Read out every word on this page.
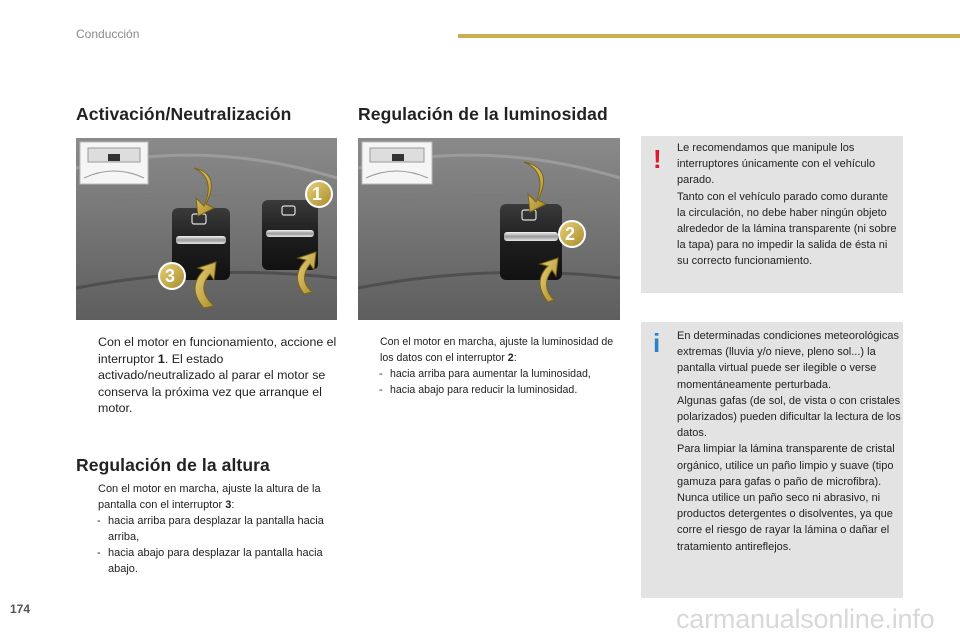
Conducción
Activación/Neutralización	Regulación de la luminosidad
Regulación de la altura
1
3
2
Con el motor en funcionamiento, accione el interruptor 1. El estado activado/neutralizado al parar el motor se conserva la próxima vez que arranque el motor.
Con el motor en marcha, ajuste la luminosidad de los datos con el interruptor 2:
- hacia arriba para aumentar la luminosidad,
- hacia abajo para reducir la luminosidad.
Con el motor en marcha, ajuste la altura de la pantalla con el interruptor 3:
- hacia arriba para desplazar la pantalla hacia arriba,
- hacia abajo para desplazar la pantalla hacia abajo.
! Le recomendamos que manipule los interruptores únicamente con el vehículo parado.

Tanto con el vehículo parado como durante la circulación, no debe haber ningún objeto alrededor de la lámina transparente (ni sobre la tapa) para no impedir la salida de ésta ni su correcto funcionamiento.

i En determinadas condiciones meteorológicas extremas (lluvia y/o nieve, pleno sol...) la pantalla virtual puede ser ilegible o verse momentáneamente perturbada.

Algunas gafas (de sol, de vista o con cristales polarizados) pueden dificultar la lectura de los datos.

Para limpiar la lámina transparente de cristal orgánico, utilice un paño limpio y suave (tipo gamuza para gafas o paño de microfibra). Nunca utilice un paño seco ni abrasivo, ni productos detergentes o disolventes, ya que corre el riesgo de rayar la lámina o dañar el tratamiento antireflejos.

174	carmanualsonline.info
